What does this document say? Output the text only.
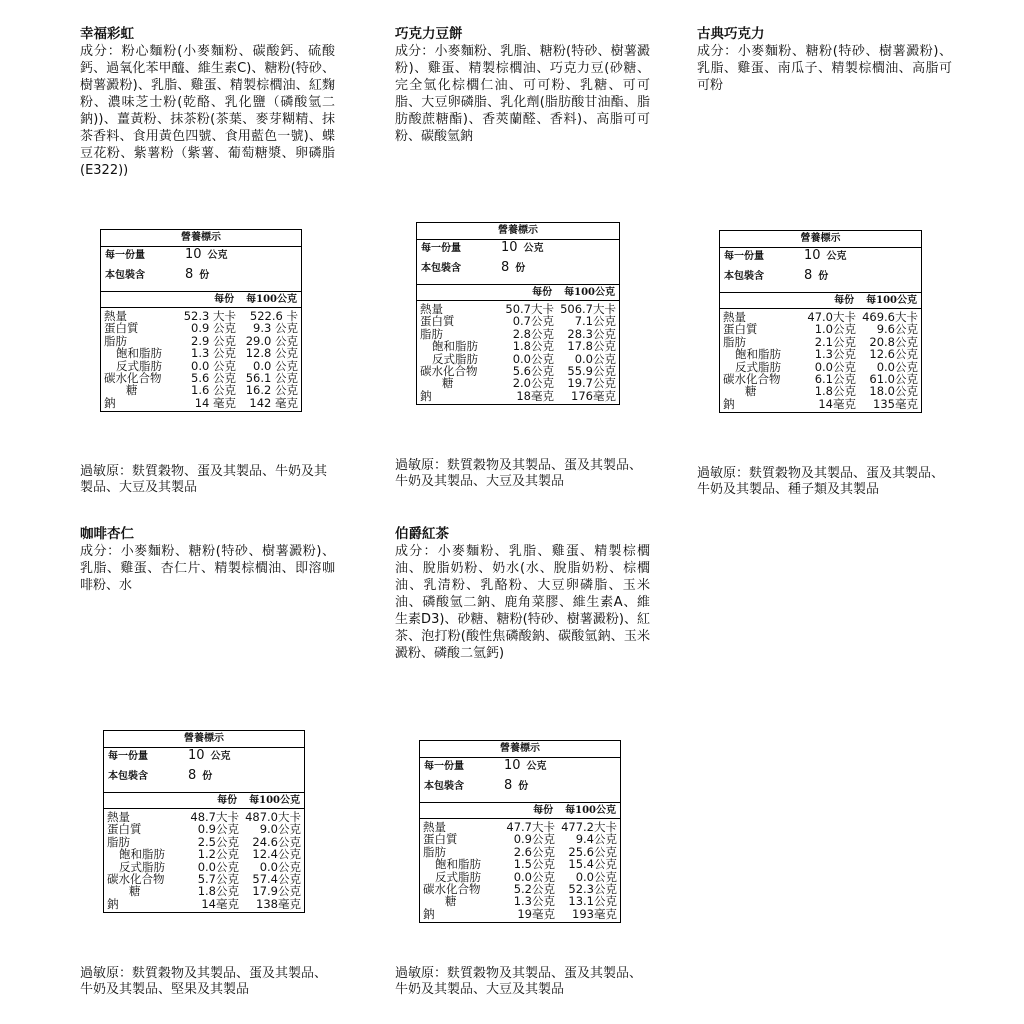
幸福彩虹

成分：粉心麵粉(小麥麵粉、碳酸鈣、硫酸鈣、過氧化苯甲醯、維生素C)、糖粉(特砂、樹薯澱粉)、乳脂、雞蛋、精製棕櫚油、紅麴粉、濃味芝士粉(乾酪、乳化鹽（磷酸氫二鈉))、薑黃粉、抹茶粉(茶葉、麥芽糊精、抹茶香料、食用黃色四號、食用藍色一號)、蝶豆花粉、紫薯粉（紫薯、葡萄糖漿、卵磷脂(E322))

營養標示
每一份量	10 公克
本包裝含	8 份
每份 每100公克
熱量	52.3 大卡	522.6 卡
蛋白質	0.9 公克	9.3 公克
脂肪	2.9 公克 29.0 公克
飽和脂肪	1.3 公克 12.8 公克
反式脂肪	0.0 公克	0.0 公克
碳水化合物	5.6 公克 56.1 公克
糖	1.6 公克 16.2 公克
鈉	14 毫克	142 毫克

過敏原：麩質穀物、蛋及其製品、牛奶及其製品、大豆及其製品

巧克力豆餅

成分：小麥麵粉、乳脂、糖粉(特砂、樹薯澱粉)、雞蛋、精製棕櫚油、巧克力豆(砂糖、完全氫化棕櫚仁油、可可粉、乳糖、可可脂、大豆卵磷脂、乳化劑(脂肪酸甘油酯、脂肪酸蔗糖酯)、香莢蘭醛、香料)、高脂可可粉、碳酸氫鈉

營養標示
每一份量	10 公克
本包裝含	8 份
每份 每100公克
熱量	50.7大卡 506.7大卡
蛋白質	0.7公克	7.1公克
脂肪	2.8公克	28.3公克
飽和脂肪	1.8公克	17.8公克
反式脂肪	0.0公克	0.0公克
碳水化合物	5.6公克	55.9公克
糖	2.0公克	19.7公克
鈉	18毫克	176毫克

過敏原：麩質穀物及其製品、蛋及其製品、牛奶及其製品、大豆及其製品

古典巧克力

成分：小麥麵粉、糖粉(特砂、樹薯澱粉)、乳脂、雞蛋、南瓜子、精製棕櫚油、高脂可可粉

營養標示
每一份量	10 公克
本包裝含	8 份
每份 每100公克
熱量	47.0大卡 469.6大卡
蛋白質	1.0公克	9.6公克
脂肪	2.1公克	20.8公克
飽和脂肪	1.3公克	12.6公克
反式脂肪	0.0公克	0.0公克
碳水化合物	6.1公克	61.0公克
糖	1.8公克	18.0公克
鈉	14毫克	135毫克

過敏原：麩質穀物及其製品、蛋及其製品、牛奶及其製品、種子類及其製品

咖啡杏仁

成分：小麥麵粉、糖粉(特砂、樹薯澱粉)、乳脂、雞蛋、杏仁片、精製棕櫚油、即溶咖啡粉、水

營養標示
每一份量	10 公克
本包裝含	8 份
每份 每100公克
熱量	48.7大卡 487.0大卡
蛋白質	0.9公克	9.0公克
脂肪	2.5公克	24.6公克
飽和脂肪	1.2公克	12.4公克
反式脂肪	0.0公克	0.0公克
碳水化合物	5.7公克	57.4公克
糖	1.8公克	17.9公克
鈉	14毫克	138毫克

過敏原：麩質穀物及其製品、蛋及其製品、牛奶及其製品、堅果及其製品

伯爵紅茶

成分：小麥麵粉、乳脂、雞蛋、精製棕櫚油、脫脂奶粉、奶水(水、脫脂奶粉、棕櫚油、乳清粉、乳酪粉、大豆卵磷脂、玉米油、磷酸氫二鈉、鹿角菜膠、維生素A、維生素D3)、砂糖、糖粉(特砂、樹薯澱粉)、紅茶、泡打粉(酸性焦磷酸鈉、碳酸氫鈉、玉米澱粉、磷酸二氫鈣)

營養標示
每一份量	10 公克
本包裝含	8 份
每份 每100公克
熱量	47.7大卡 477.2大卡
蛋白質	0.9公克	9.4公克
脂肪	2.6公克	25.6公克
飽和脂肪	1.5公克	15.4公克
反式脂肪	0.0公克	0.0公克
碳水化合物	5.2公克	52.3公克
糖	1.3公克	13.1公克
鈉	19毫克	193毫克

過敏原：麩質穀物及其製品、蛋及其製品、牛奶及其製品、大豆及其製品
